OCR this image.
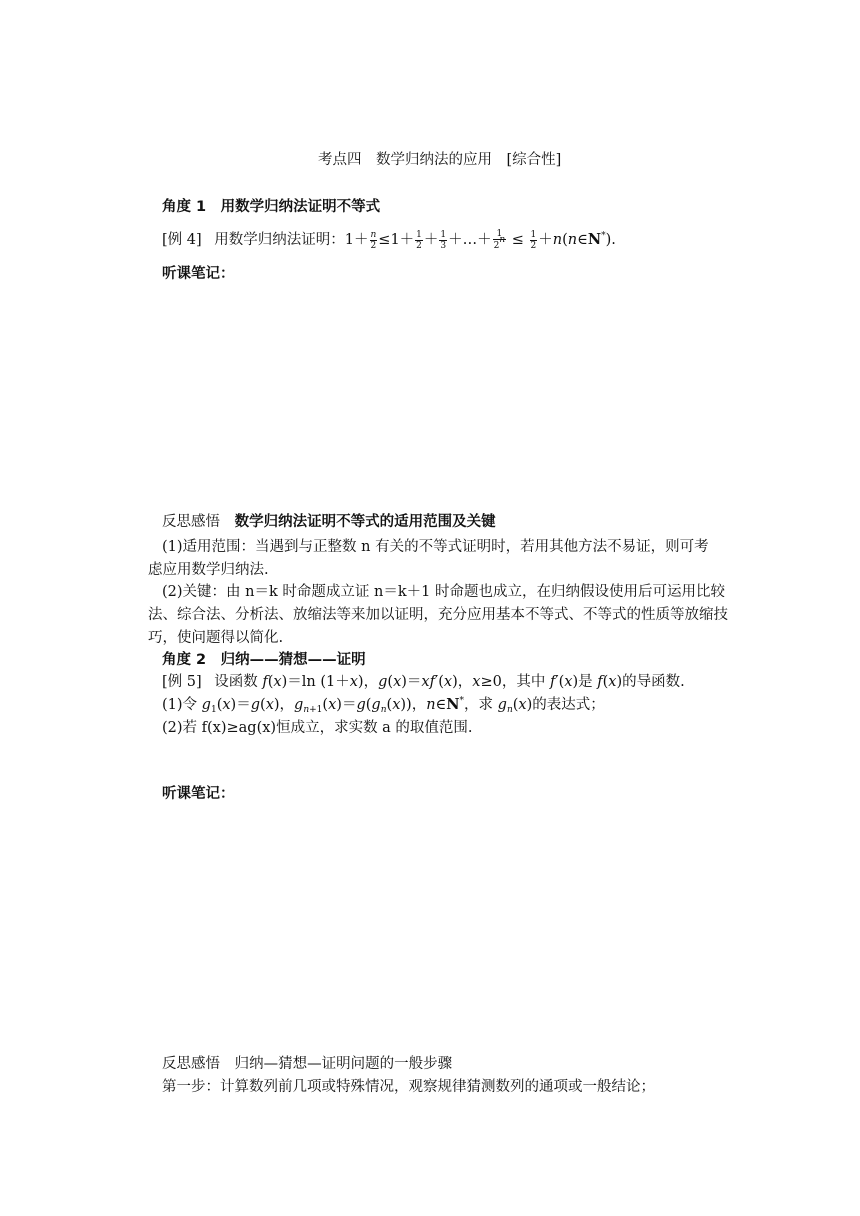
考点四　数学归纳法的应用　[综合性]
角度 1　用数学归纳法证明不等式
[例 4] 用数学归纳法证明：$1+ \frac{n}{2} \le 1+ \frac{1}{2} + \frac{1}{3}$ ＋…＋ $\frac{1}{2^n} \le \frac{1}{2}$ ＋n(n∈N*).
听课笔记：
反思感悟 数学归纳法证明不等式的适用范围及关键
(1)适用范围：当遇到与正整数 n 有关的不等式证明时，若用其他方法不易证，则可考
虑应用数学归纳法.
(2)关键：由 n＝k 时命题成立证 n＝k＋1 时命题也成立，在归纳假设使用后可运用比较
法、综合法、分析法、放缩法等来加以证明，充分应用基本不等式、不等式的性质等放缩技
巧，使问题得以简化.
角度 2　归纳——猜想——证明
[例 5] 设函数 f(x)＝ln (1＋x)，g(x)＝xf′(x)，x≥0，其中 f′(x)是 f(x)的导函数.
(1)令 $g_1(x)=g(x)$，$g_{n+1}(x)=g(g_n(x))$，n∈N*，求 $g_n(x)$的表达式；
(2)若 f(x)≥ag(x)恒成立，求实数 a 的取值范围.
听课笔记：
反思感悟 归纳—猜想—证明问题的一般步骤
第一步：计算数列前几项或特殊情况，观察规律猜测数列的通项或一般结论；
